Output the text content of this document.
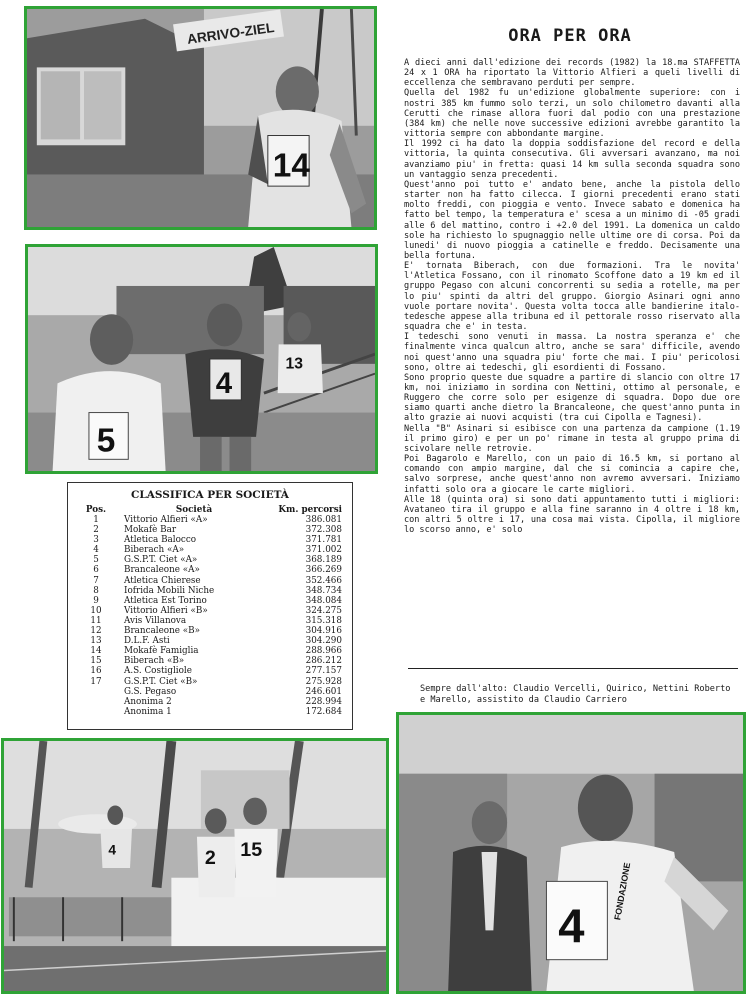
ARRIVO-ZIEL
14
5
4
13
CLASSIFICA PER SOCIETÀ
Pos.	Società	Km. percorsi
1	Vittorio Alfieri «A»	386.081
2	Mokafè Bar	372.308
3	Atletica Balocco	371.781
4	Biberach «A»	371.002
5	G.S.P.T. Ciet «A»	368.189
6	Brancaleone «A»	366.269
7	Atletica Chierese	352.466
8	Iofrida Mobili Niche	348.734
9	Atletica Est Torino	348.084
10	Vittorio Alfieri «B»	324.275
11	Avis Villanova	315.318
12	Brancaleone «B»	304.916
13	D.L.F. Asti	304.290
14	Mokafè Famiglia	288.966
15	Biberach «B»	286.212
16	A.S. Costigliole	277.157
17	G.S.P.T. Ciet «B»	275.928
	G.S. Pegaso	246.601
	Anonima 2	228.994
	Anonima 1	172.684
ORA PER ORA

A dieci anni dall'edizione dei records (1982) la 18.ma STAFFETTA 24 x 1 ORA ha riportato la Vittorio Alfieri a queli livelli di eccellenza che sembravano perduti per sempre.

Quella del 1982 fu un'edizione globalmente superiore: con i nostri 385 km fummo solo terzi, un solo chilometro davanti alla Cerutti che rimase allora fuori dal podio con una prestazione (384 km) che nelle nove successive edizioni avrebbe garantito la vittoria sempre con abbondante margine.

Il 1992 ci ha dato la doppia soddisfazione del record e della vittoria, la quinta consecutiva. Gli avversari avanzano, ma noi avanziamo piu' in fretta: quasi 14 km sulla seconda squadra sono un vantaggio senza precedenti.

Quest'anno poi tutto e' andato bene, anche la pistola dello starter non ha fatto cilecca. I giorni precedenti erano stati molto freddi, con pioggia e vento. Invece sabato e domenica ha fatto bel tempo, la temperatura e' scesa a un minimo di -05 gradi alle 6 del mattino, contro i +2.0 del 1991. La domenica un caldo sole ha richiesto lo spugnaggio nelle ultime ore di corsa. Poi da lunedi' di nuovo pioggia a catinelle e freddo. Decisamente una bella fortuna.

E' tornata Biberach, con due formazioni. Tra le novita' l'Atletica Fossano, con il rinomato Scoffone dato a 19 km ed il gruppo Pegaso con alcuni concorrenti su sedia a rotelle, ma per lo piu' spinti da altri del gruppo. Giorgio Asinari ogni anno vuole portare novita'. Questa volta tocca alle bandierine italo-tedesche appese alla tribuna ed il pettorale rosso riservato alla squadra che e' in testa.

I tedeschi sono venuti in massa. La nostra speranza e' che finalmente vinca qualcun altro, anche se sara' difficile, avendo noi quest'anno una squadra piu' forte che mai. I piu' pericolosi sono, oltre ai tedeschi, gli esordienti di Fossano.

Sono proprio queste due squadre a partire di slancio con oltre 17 km, noi iniziamo in sordina con Nettini, ottimo al personale, e Ruggero che corre solo per esigenze di squadra. Dopo due ore siamo quarti anche dietro la Brancaleone, che quest'anno punta in alto grazie ai nuovi acquisti (tra cui Cipolla e Tagnesi).

Nella "B" Asinari si esibisce con una partenza da campione (1.19 il primo giro) e per un po' rimane in testa al gruppo prima di scivolare nelle retrovie.

Poi Bagarolo e Marello, con un paio di 16.5 km, si portano al comando con ampio margine, dal che si comincia a capire che, salvo sorprese, anche quest'anno non avremo avversari. Iniziamo infatti solo ora a giocare le carte migliori.

Alle 18 (quinta ora) si sono dati appuntamento tutti i migliori: Avataneo tira il gruppo e alla fine saranno in 4 oltre i 18 km, con altri 5 oltre i 17, una cosa mai vista. Cipolla, il migliore lo scorso anno, e' solo

Sempre dall'alto: Claudio Vercelli, Quirico, Nettini Roberto e Marello, assistito da Claudio Carriero
4	2 15
4
FONDAZIONE
